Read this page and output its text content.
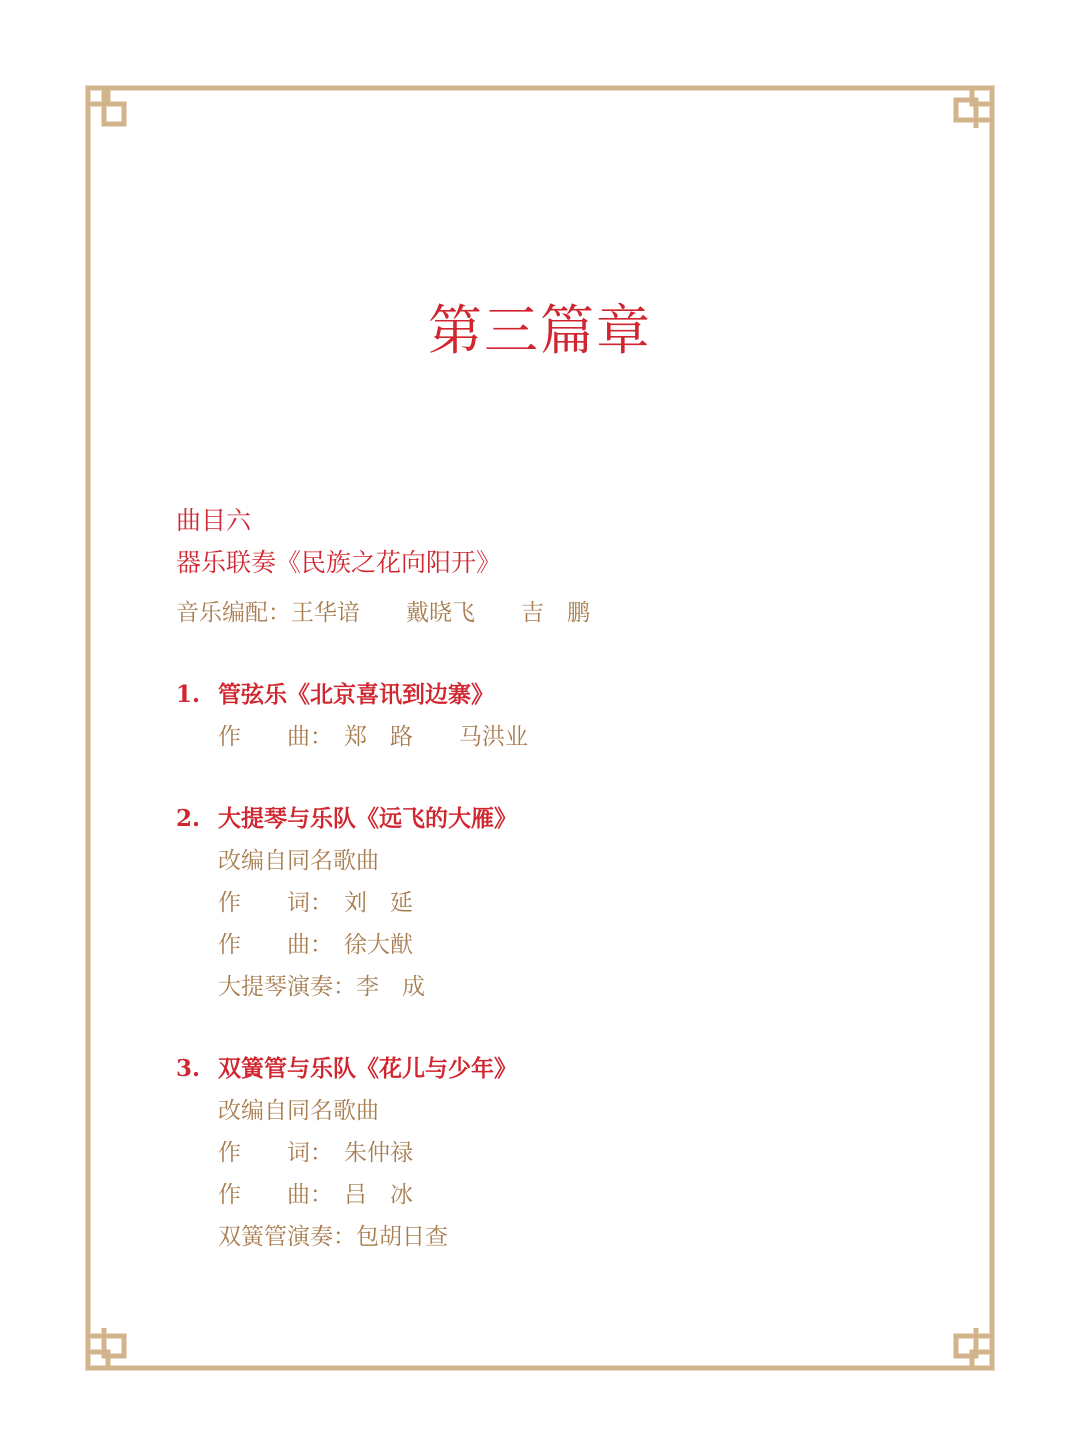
第三篇章
曲目六
器乐联奏《民族之花向阳开》
音乐编配：王华谙　　戴晓飞　　吉　鹏
1. 管弦乐《北京喜讯到边寨》
作　　曲： 郑　路　　马洪业
2. 大提琴与乐队《远飞的大雁》
改编自同名歌曲
作　　词： 刘　延
作　　曲： 徐大猷
大提琴演奏：李　成
3. 双簧管与乐队《花儿与少年》
改编自同名歌曲
作　　词： 朱仲禄
作　　曲： 吕　冰
双簧管演奏：包胡日查
